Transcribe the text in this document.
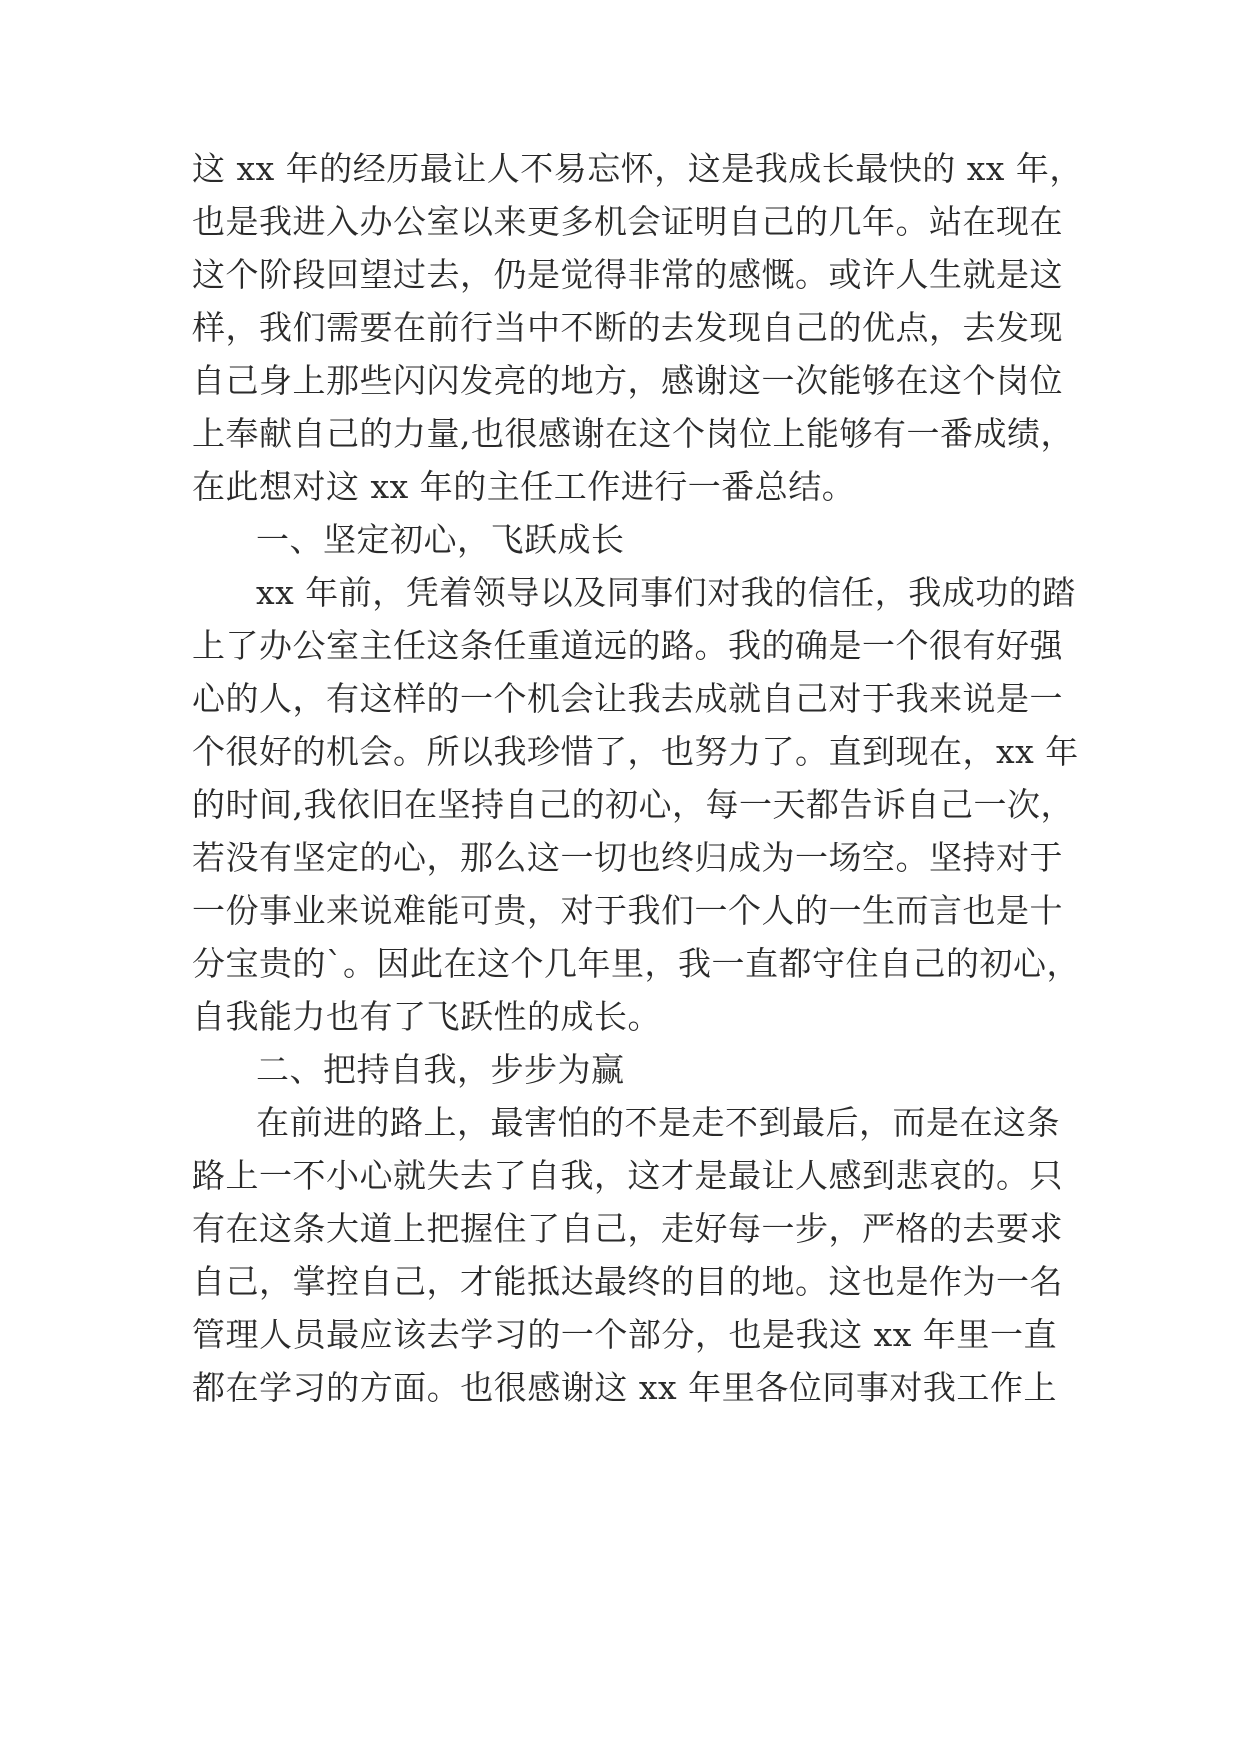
这 xx 年的经历最让人不易忘怀，这是我成长最快的 xx 年，
也是我进入办公室以来更多机会证明自己的几年。站在现在
这个阶段回望过去，仍是觉得非常的感慨。或许人生就是这
样，我们需要在前行当中不断的去发现自己的优点，去发现
自己身上那些闪闪发亮的地方，感谢这一次能够在这个岗位
上奉献自己的力量,也很感谢在这个岗位上能够有一番成绩，
在此想对这 xx 年的主任工作进行一番总结。
一、坚定初心，飞跃成长
xx 年前，凭着领导以及同事们对我的信任，我成功的踏
上了办公室主任这条任重道远的路。我的确是一个很有好强
心的人，有这样的一个机会让我去成就自己对于我来说是一
个很好的机会。所以我珍惜了，也努力了。直到现在，xx 年
的时间,我依旧在坚持自己的初心，每一天都告诉自己一次，
若没有坚定的心，那么这一切也终归成为一场空。坚持对于
一份事业来说难能可贵，对于我们一个人的一生而言也是十
分宝贵的`。因此在这个几年里，我一直都守住自己的初心，
自我能力也有了飞跃性的成长。
二、把持自我，步步为赢
在前进的路上，最害怕的不是走不到最后，而是在这条
路上一不小心就失去了自我，这才是最让人感到悲哀的。只
有在这条大道上把握住了自己，走好每一步，严格的去要求
自己，掌控自己，才能抵达最终的目的地。这也是作为一名
管理人员最应该去学习的一个部分，也是我这 xx 年里一直
都在学习的方面。也很感谢这 xx 年里各位同事对我工作上
